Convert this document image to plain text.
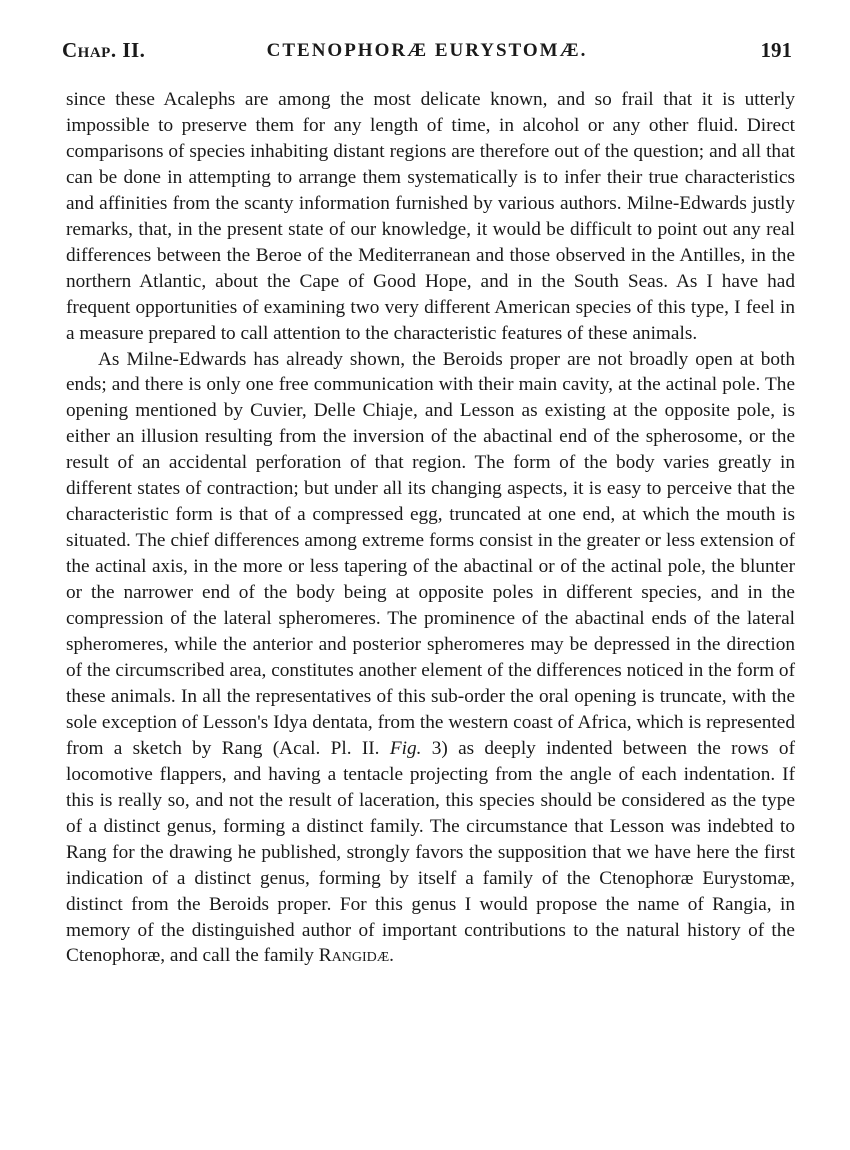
Chap. II.	CTENOPHORÆ EURYSTOMÆ.	191

since these Acalephs are among the most delicate known, and so frail that it is utterly impossible to preserve them for any length of time, in alcohol or any other fluid. Direct comparisons of species inhabiting distant regions are therefore out of the question; and all that can be done in attempting to arrange them systematically is to infer their true characteristics and affinities from the scanty information furnished by various authors. Milne-Edwards justly remarks, that, in the present state of our knowledge, it would be difficult to point out any real differences between the Beroe of the Mediterranean and those observed in the Antilles, in the northern Atlantic, about the Cape of Good Hope, and in the South Seas. As I have had frequent opportunities of examining two very different American species of this type, I feel in a measure prepared to call attention to the characteristic features of these animals.

As Milne-Edwards has already shown, the Beroids proper are not broadly open at both ends; and there is only one free communication with their main cavity, at the actinal pole. The opening mentioned by Cuvier, Delle Chiaje, and Lesson as existing at the opposite pole, is either an illusion resulting from the inversion of the abactinal end of the spherosome, or the result of an accidental perforation of that region. The form of the body varies greatly in different states of contraction; but under all its changing aspects, it is easy to perceive that the characteristic form is that of a compressed egg, truncated at one end, at which the mouth is situated. The chief differences among extreme forms consist in the greater or less extension of the actinal axis, in the more or less tapering of the abactinal or of the actinal pole, the blunter or the narrower end of the body being at opposite poles in different species, and in the compression of the lateral spheromeres. The prominence of the abactinal ends of the lateral spheromeres, while the anterior and posterior spheromeres may be depressed in the direction of the circumscribed area, constitutes another element of the differences noticed in the form of these animals. In all the representatives of this sub-order the oral opening is truncate, with the sole exception of Lesson's Idya dentata, from the western coast of Africa, which is represented from a sketch by Rang (Acal. Pl. II. Fig. 3) as deeply indented between the rows of locomotive flappers, and having a tentacle projecting from the angle of each indentation. If this is really so, and not the result of laceration, this species should be considered as the type of a distinct genus, forming a distinct family. The circumstance that Lesson was indebted to Rang for the drawing he published, strongly favors the supposition that we have here the first indication of a distinct genus, forming by itself a family of the Ctenophoræ Eurystomæ, distinct from the Beroids proper. For this genus I would propose the name of Rangia, in memory of the distinguished author of important contributions to the natural history of the Ctenophoræ, and call the family Rangidæ.
